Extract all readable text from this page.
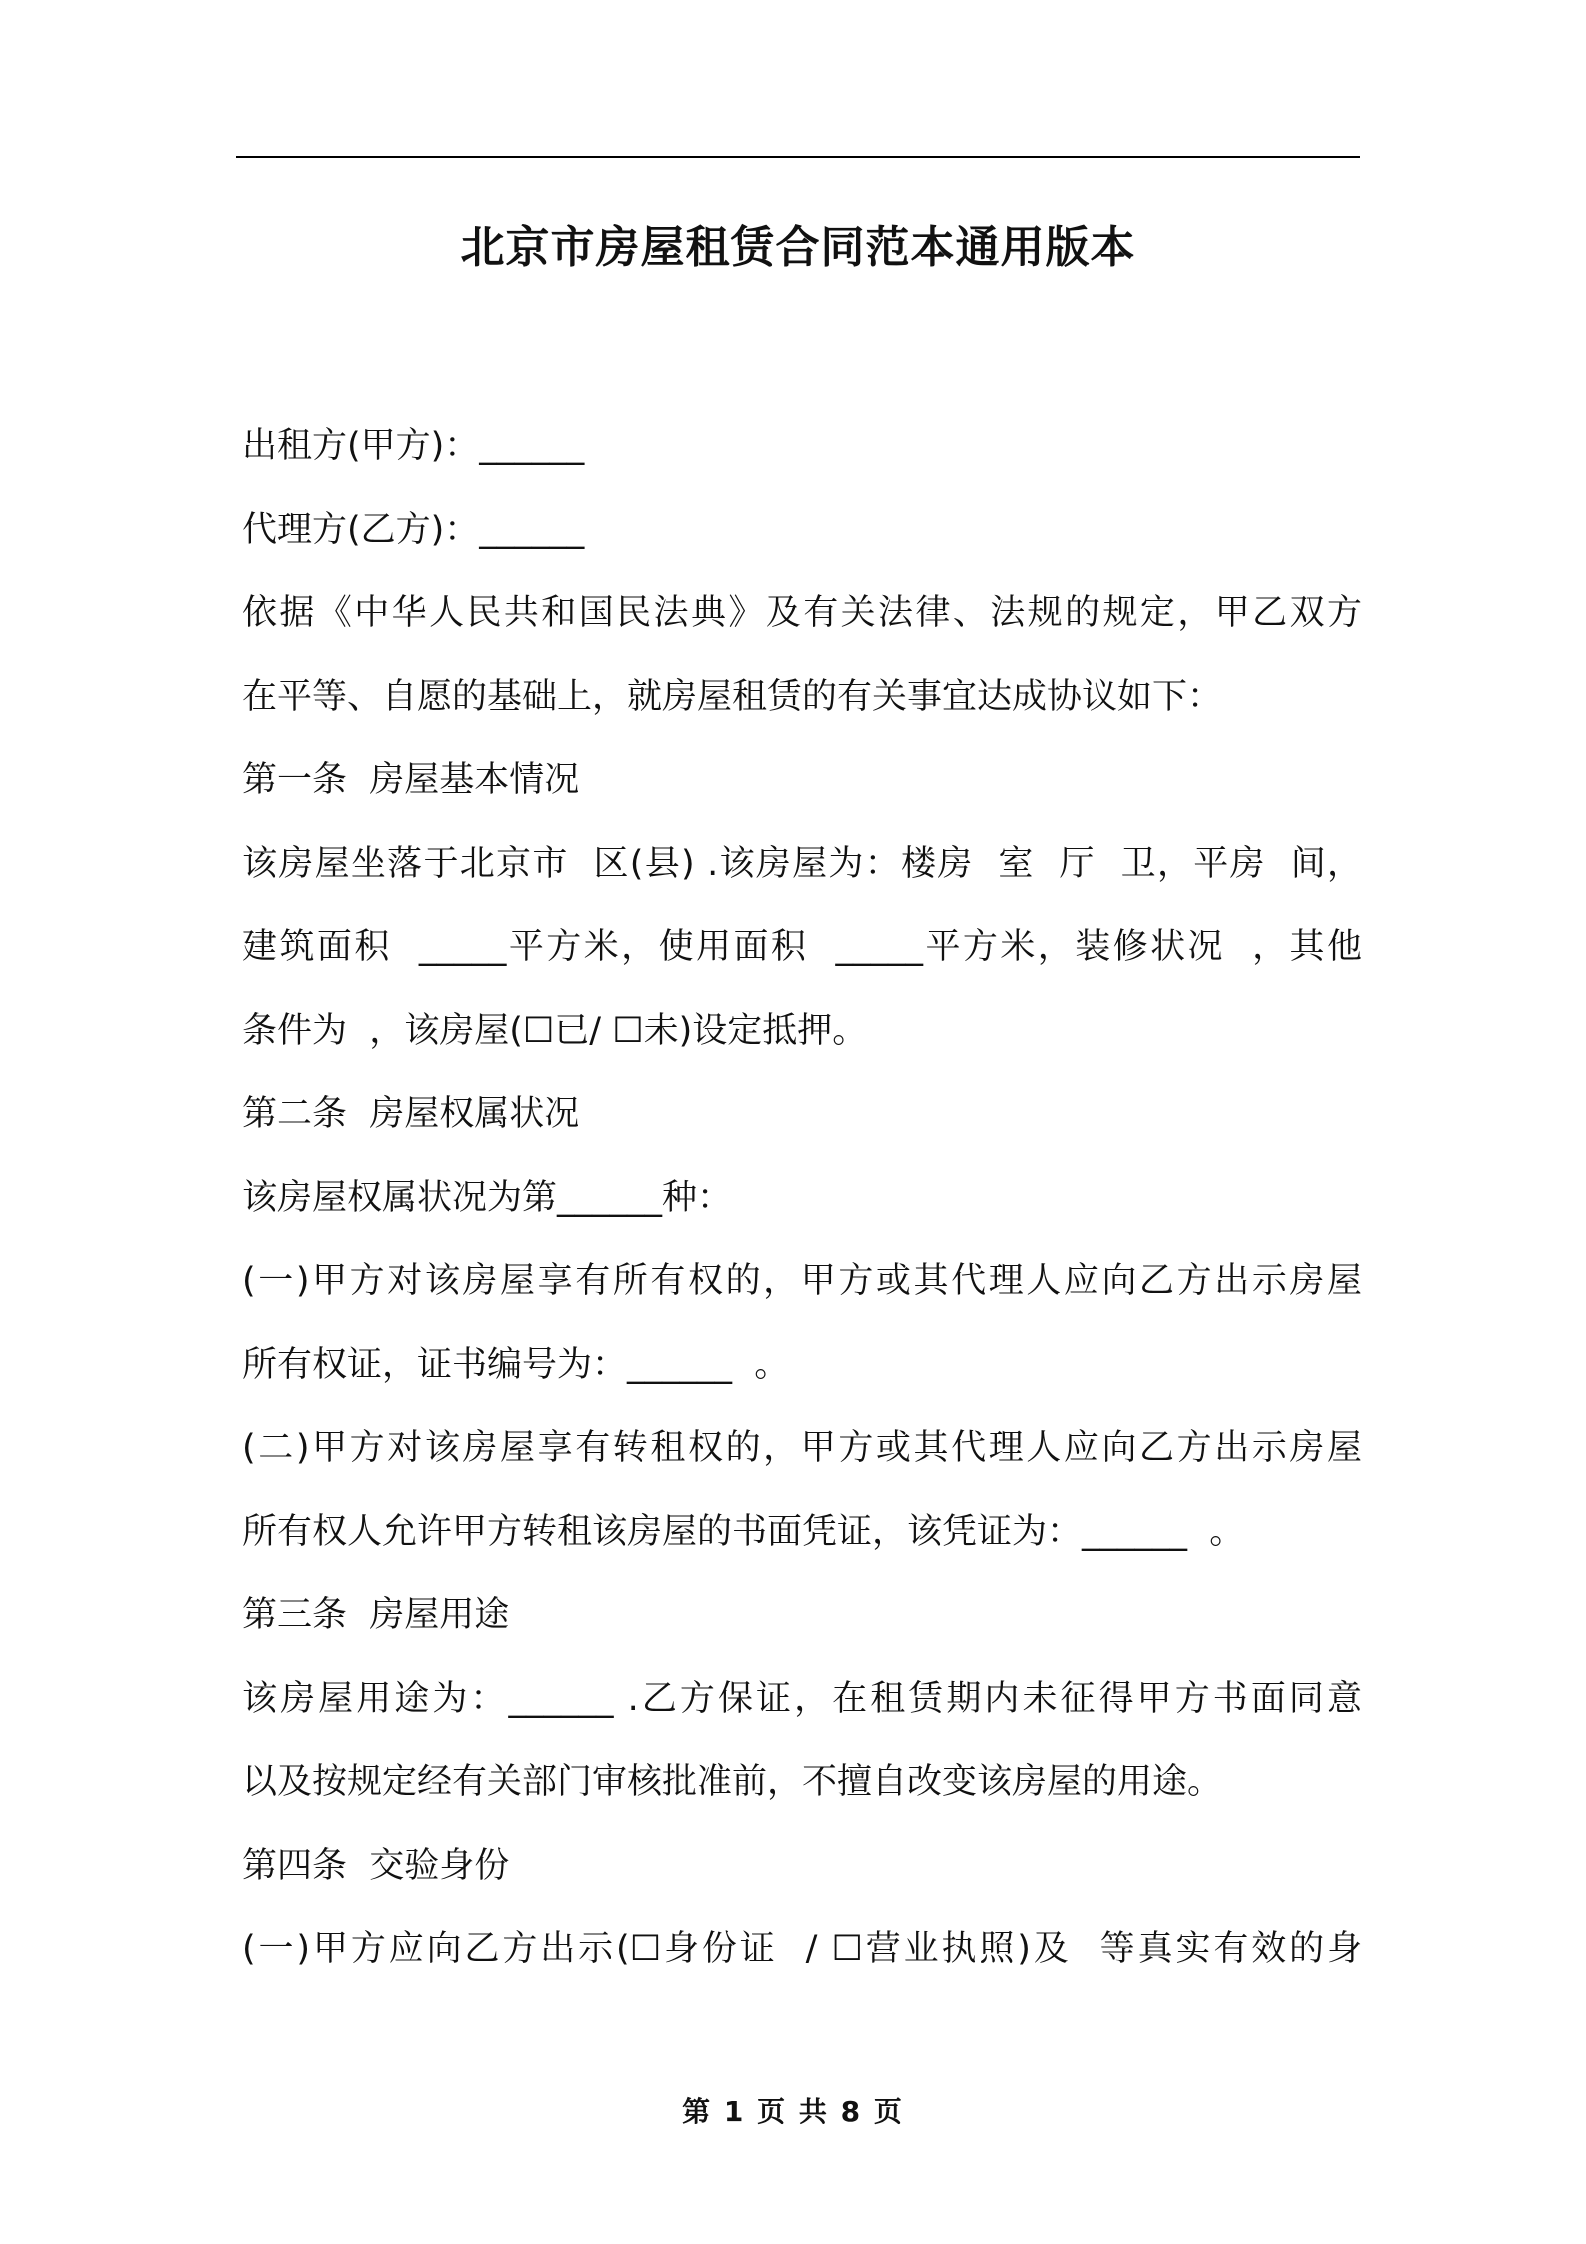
北京市房屋租赁合同范本通用版本
出租方(甲方)：______
代理方(乙方)：______
依据《中华人民共和国民法典》及有关法律、法规的规定，甲乙双方
在平等、自愿的基础上，就房屋租赁的有关事宜达成协议如下：
第一条  房屋基本情况
该房屋坐落于北京市  区(县) .该房屋为：楼房  室  厅  卫，平房  间，
建筑面积  _____平方米，使用面积  _____平方米，装修状况  ，其他
条件为  ，该房屋(☐已/ ☐未)设定抵押。
第二条  房屋权属状况
该房屋权属状况为第______种：
(一)甲方对该房屋享有所有权的，甲方或其代理人应向乙方出示房屋
所有权证，证书编号为：______  。
(二)甲方对该房屋享有转租权的，甲方或其代理人应向乙方出示房屋
所有权人允许甲方转租该房屋的书面凭证，该凭证为：______  。
第三条  房屋用途
该房屋用途为：______ .乙方保证，在租赁期内未征得甲方书面同意
以及按规定经有关部门审核批准前，不擅自改变该房屋的用途。
第四条  交验身份
(一)甲方应向乙方出示(☐身份证  / ☐营业执照)及  等真实有效的身
第 1 页 共 8 页
